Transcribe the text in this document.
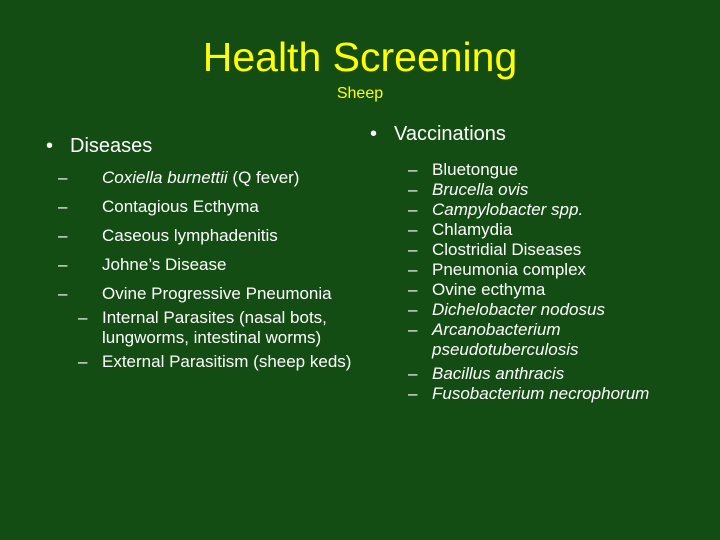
Health Screening
Sheep

• Diseases

– Coxiella burnettii (Q fever)
– Contagious Ecthyma
– Caseous lymphadenitis
– Johne’s Disease
– Ovine Progressive Pneumonia
– Internal Parasites (nasal bots, lungworms, intestinal worms)
– External Parasitism (sheep keds)

• Vaccinations

– Bluetongue
– Brucella ovis
– Campylobacter spp.
– Chlamydia
– Clostridial Diseases
– Pneumonia complex
– Ovine ecthyma
– Dichelobacter nodosus
– Arcanobacterium pseudotuberculosis
– Bacillus anthracis
– Fusobacterium necrophorum
